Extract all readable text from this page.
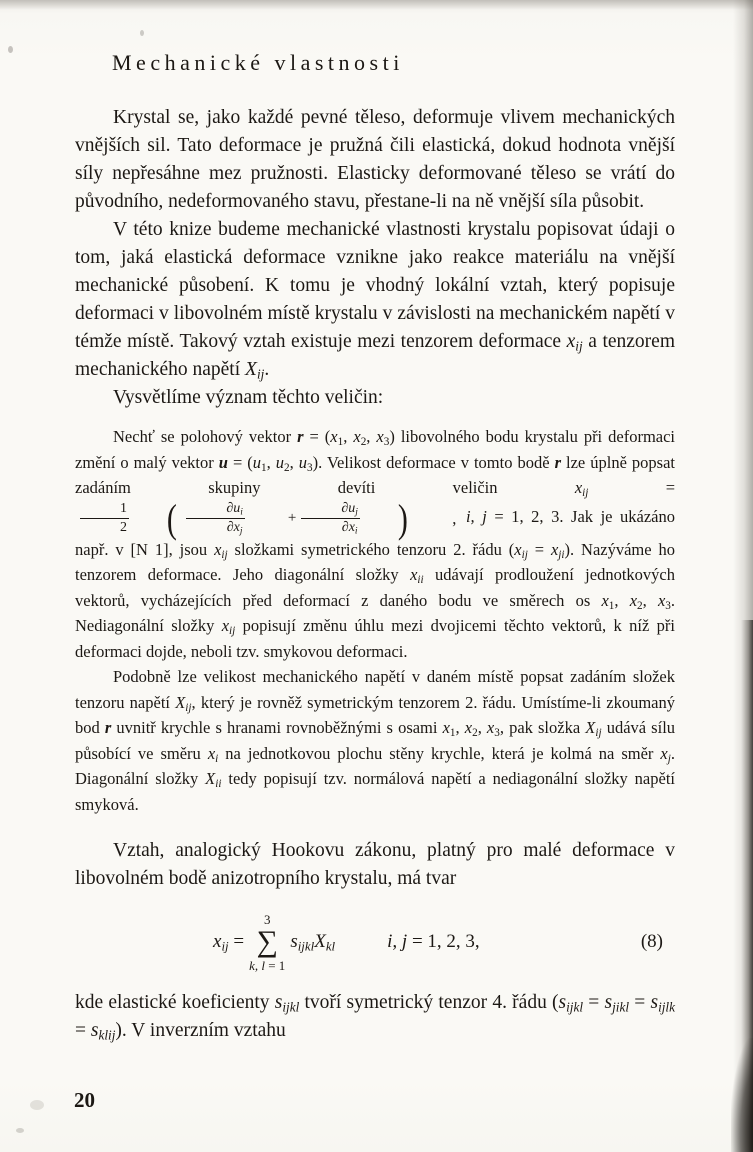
Mechanické vlastnosti

Krystal se, jako každé pevné těleso, deformuje vlivem mechanických vnějších sil. Tato deformace je pružná čili elastická, dokud hodnota vnější síly nepřesáhne mez pružnosti. Elasticky deformované těleso se vrátí do původního, nedeformovaného stavu, přestane-li na ně vnější síla působit.

V této knize budeme mechanické vlastnosti krystalu popisovat údaji o tom, jaká elastická deformace vznikne jako reakce materiálu na vnější mechanické působení. K tomu je vhodný lokální vztah, který popisuje deformaci v libovolném místě krystalu v závislosti na mechanickém napětí v témže místě. Takový vztah existuje mezi tenzorem deformace $x_{ij}$ a tenzorem mechanického napětí $X_{ij}$.

Vysvětlíme význam těchto veličin:

Nechť se polohový vektor $r = (x_1$, $x_2$, $x_3$) libovolného bodu krystalu při deformaci změní o malý vektor $u = (u_1$, $u_2$, $u_3$). Velikost deformace v tomto bodě r lze úplně popsat zadáním skupiny devíti veličin $x_{ij}$ =
$\frac{1}{2}$ ( $\frac{\partial u_i}{\partial x_j}$	+ $\frac{\partial u_j}{\partial x_i}$ )	, i, j = 1, 2, 3. Jak je ukázáno např. v [N 1], jsou $x_{ij}$ složkami symetrického tenzoru 2. řádu $(x_{ij} = x_{ji})$. Nazýváme ho tenzorem deformace. Jeho diagonální složky $x_{ii}$ udávají prodloužení jednotkových vektorů, vycházejících před deformací z daného bodu ve směrech os $x_1$, $x_2$, $x_3$. Nediagonální složky $x_{ij}$ popisují změnu úhlu mezi dvojicemi těchto vektorů, k níž při deformaci dojde, neboli tzv. smykovou deformaci.

Podobně lze velikost mechanického napětí v daném místě popsat zadáním složek tenzoru napětí $X_{ij}$, který je rovněž symetrickým tenzorem 2. řádu. Umístíme-li zkoumaný bod r uvnitř krychle s hranami rovnoběžnými s osami $x_1$, $x_2$, $x_3$, pak složka $X_{ij}$ udává sílu působící ve směru $x_i$ na jednotkovou plochu stěny krychle, která je kolmá na směr $x_j$. Diagonální složky $X_{ii}$ tedy popisují tzv. normálová napětí a nediagonální složky napětí smyková.

Vztah, analogický Hookovu zákonu, platný pro malé deformace v libovolném bodě anizotropního krystalu, má tvar

$x_{ij}$ =
3
∑
k, l = 1
$s_{ijkl}X_{kl}$	i, j = 1, 2, 3,	(8)

kde elastické koeficienty $s_{ijkl}$ tvoří symetrický tenzor 4. řádu $(s_{ijkl} = s_{jikl} = s_{ijlk} = s_{klij})$. V inverzním vztahu

20
